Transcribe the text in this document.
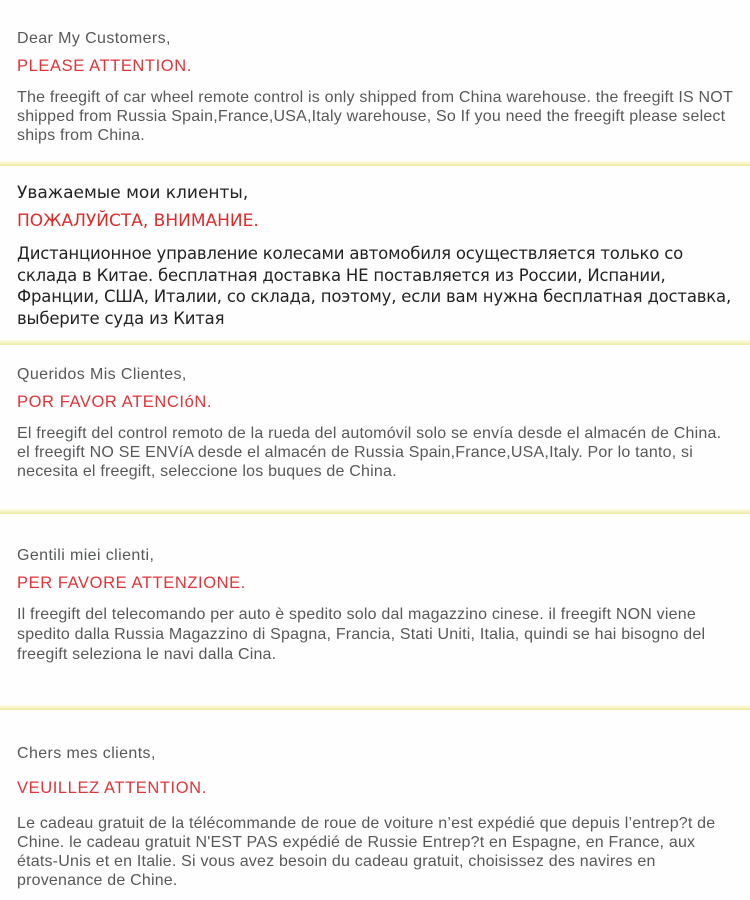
Dear My Customers,

PLEASE ATTENTION.

The freegift of car wheel remote control is only shipped from China warehouse. the freegift IS NOT shipped from Russia Spain,France,USA,Italy warehouse, So If you need the freegift please select ships from China.

Уважаемые мои клиенты,

ПОЖАЛУЙСТА, ВНИМАНИЕ.

Дистанционное управление колесами автомобиля осуществляется только со склада в Китае. бесплатная доставка НЕ поставляется из России, Испании, Франции, США, Италии, со склада, поэтому, если вам нужна бесплатная доставка, выберите суда из Китая

Queridos Mis Clientes,

POR FAVOR ATENCIóN.

El freegift del control remoto de la rueda del automóvil solo se envía desde el almacén de China. el freegift NO SE ENVíA desde el almacén de Russia Spain,France,USA,Italy. Por lo tanto, si necesita el freegift, seleccione los buques de China.

Gentili miei clienti,

PER FAVORE ATTENZIONE.

Il freegift del telecomando per auto è spedito solo dal magazzino cinese. il freegift NON viene spedito dalla Russia Magazzino di Spagna, Francia, Stati Uniti, Italia, quindi se hai bisogno del freegift seleziona le navi dalla Cina.

Chers mes clients,

VEUILLEZ ATTENTION.

Le cadeau gratuit de la télécommande de roue de voiture n’est expédié que depuis l’entrep?t de Chine. le cadeau gratuit N'EST PAS expédié de Russie Entrep?t en Espagne, en France, aux états-Unis et en Italie. Si vous avez besoin du cadeau gratuit, choisissez des navires en provenance de Chine.
